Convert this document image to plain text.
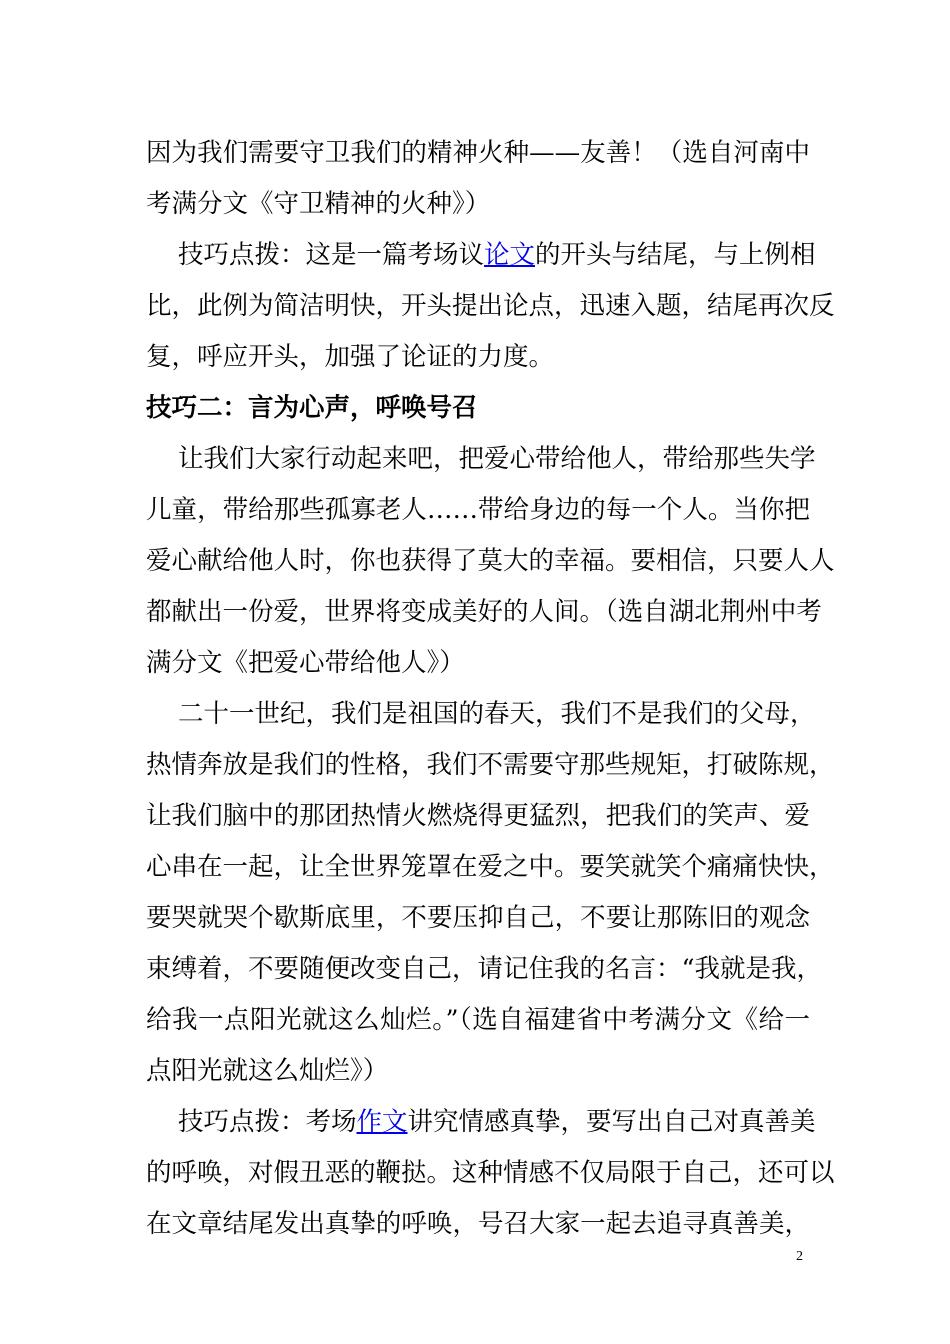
因为我们需要守卫我们的精神火种——友善！（选自河南中
考满分文《守卫精神的火种》）
技巧点拨：这是一篇考场议论文的开头与结尾，与上例相
比，此例为简洁明快，开头提出论点，迅速入题，结尾再次反
复，呼应开头，加强了论证的力度。
技巧二：言为心声，呼唤号召
让我们大家行动起来吧，把爱心带给他人，带给那些失学
儿童，带给那些孤寡老人……带给身边的每一个人。当你把
爱心献给他人时，你也获得了莫大的幸福。要相信，只要人人
都献出一份爱，世界将变成美好的人间。（选自湖北荆州中考
满分文《把爱心带给他人》）
二十一世纪，我们是祖国的春天，我们不是我们的父母，
热情奔放是我们的性格，我们不需要守那些规矩，打破陈规，
让我们脑中的那团热情火燃烧得更猛烈，把我们的笑声、爱
心串在一起，让全世界笼罩在爱之中。要笑就笑个痛痛快快，
要哭就哭个歇斯底里，不要压抑自己，不要让那陈旧的观念
束缚着，不要随便改变自己，请记住我的名言：“我就是我，
给我一点阳光就这么灿烂。”（选自福建省中考满分文《给一
点阳光就这么灿烂》）
技巧点拨：考场作文讲究情感真挚，要写出自己对真善美
的呼唤，对假丑恶的鞭挞。这种情感不仅局限于自己，还可以
在文章结尾发出真挚的呼唤，号召大家一起去追寻真善美，
2
